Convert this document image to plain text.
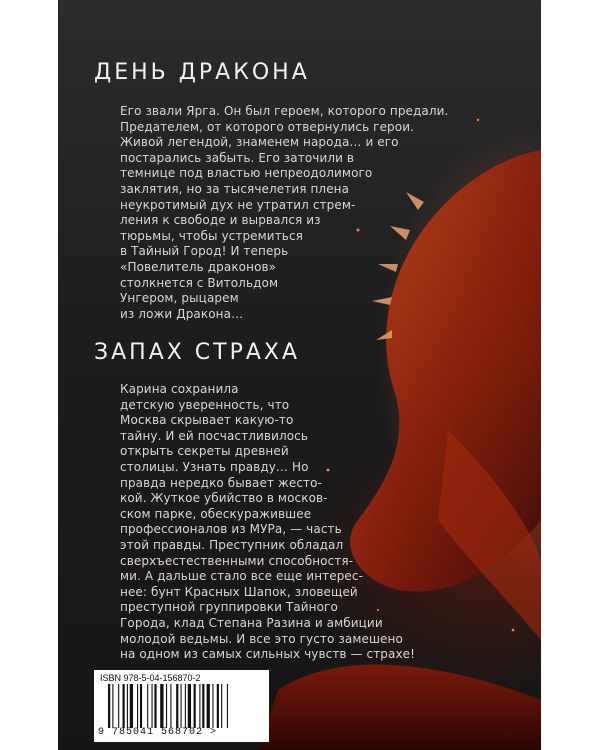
ДЕНЬ ДРАКОНА
Его звали Ярга. Он был героем, которого предали.
Предателем, от которого отвернулись герои.
Живой легендой, знаменем народа… и его
постарались забыть. Его заточили в
темнице под властью непреодолимого
заклятия, но за тысячелетия плена
неукротимый дух не утратил стрем-
ления к свободе и вырвался из
тюрьмы, чтобы устремиться
в Тайный Город! И теперь
«Повелитель драконов»
столкнется с Витольдом
Унгером, рыцарем
из ложи Дракона…
ЗАПАХ СТРАХА
Карина сохранила
детскую уверенность, что
Москва скрывает какую-то
тайну. И ей посчастливилось
открыть секреты древней
столицы. Узнать правду… Но
правда нередко бывает жесто-
кой. Жуткое убийство в москов-
ском парке, обескуражившее
профессионалов из МУРа, — часть
этой правды. Преступник обладал
сверхъестественными способностя-
ми. А дальше стало все еще интерес-
нее: бунт Красных Шапок, зловещей
преступной группировки Тайного
Города, клад Степана Разина и амбиции
молодой ведьмы. И все это густо замешено
на одном из самых сильных чувств — страхе!
ISBN 978-5-04-156870-2
9 785041 568702 >
